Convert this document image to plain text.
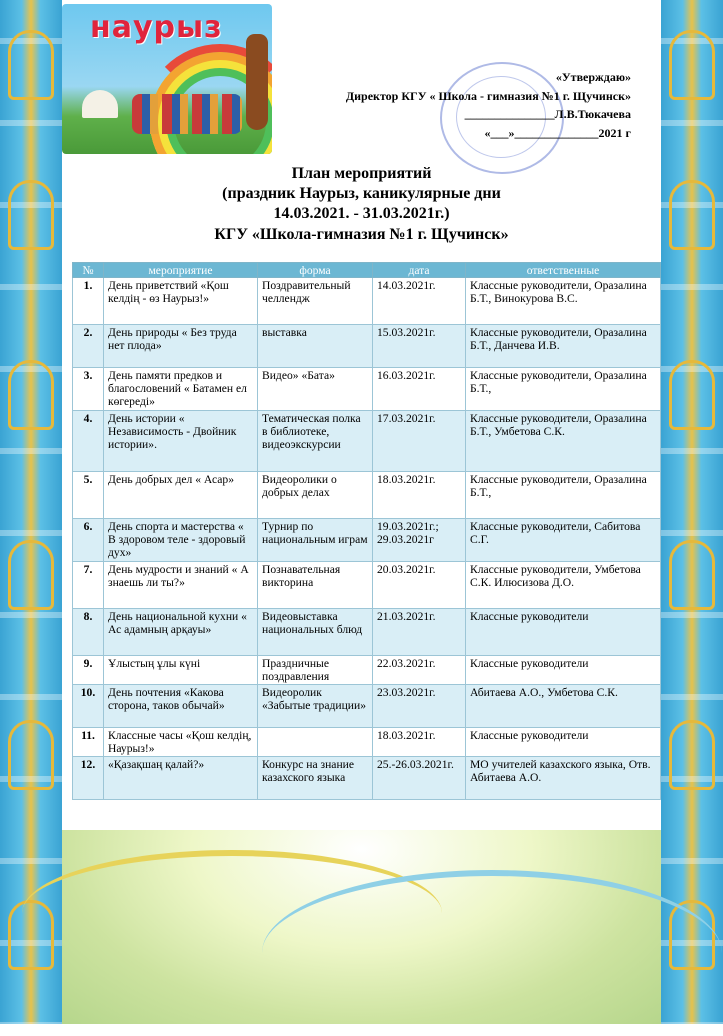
наурыз
«Утверждаю»
Директор КГУ « Школа - гимназия №1 г. Щучинск»
_______________Л.В.Тюкачева
«___»______________2021 г
План мероприятий
(праздник Наурыз, каникулярные дни
14.03.2021. - 31.03.2021г.)
КГУ «Школа-гимназия №1 г. Щучинск»
№	мероприятие	форма	дата	ответственные
1.	День приветствий «Қош келдің - өз Наурыз!»	Поздравительный челлендж	14.03.2021г.	Классные руководители, Оразалина Б.Т., Винокурова В.С.
2.	День природы « Без труда нет плода»	выставка	15.03.2021г.	Классные руководители, Оразалина Б.Т., Данчева И.В.
3.	День памяти предков и благословений « Батамен ел көгереді»	Видео» «Бата»	16.03.2021г.	Классные руководители, Оразалина Б.Т.,
4.	День истории « Независимость - Двойник истории».	Тематическая полка в библиотеке, видеоэкскурсии	17.03.2021г.	Классные руководители, Оразалина Б.Т., Умбетова С.К.
5.	День добрых дел « Асар»	Видеоролики о добрых делах	18.03.2021г.	Классные руководители, Оразалина Б.Т.,
6.	День спорта и мастерства « В здоровом теле - здоровый дух»	Турнир по национальным играм	19.03.2021г.; 29.03.2021г	Классные руководители, Сабитова С.Г.
7.	День мудрости и знаний « А знаешь ли ты?»	Познавательная викторина	20.03.2021г.	Классные руководители, Умбетова С.К. Илюсизова Д.О.
8.	День национальной кухни « Ас адамның арқауы»	Видеовыставка национальных блюд	21.03.2021г.	Классные руководители
9.	Ұлыстың ұлы күні	Праздничные поздравления	22.03.2021г.	Классные руководители
10.	День почтения «Какова сторона, таков обычай»	Видеоролик «Забытые традиции»	23.03.2021г.	Абитаева А.О., Умбетова С.К.
11.	Классные часы «Қош келдің, Наурыз!»		18.03.2021г.	Классные руководители
12.	«Қазақшаң қалай?»	Конкурс на знание казахского языка	25.-26.03.2021г.	МО учителей казахского языка, Отв. Абитаева А.О.
